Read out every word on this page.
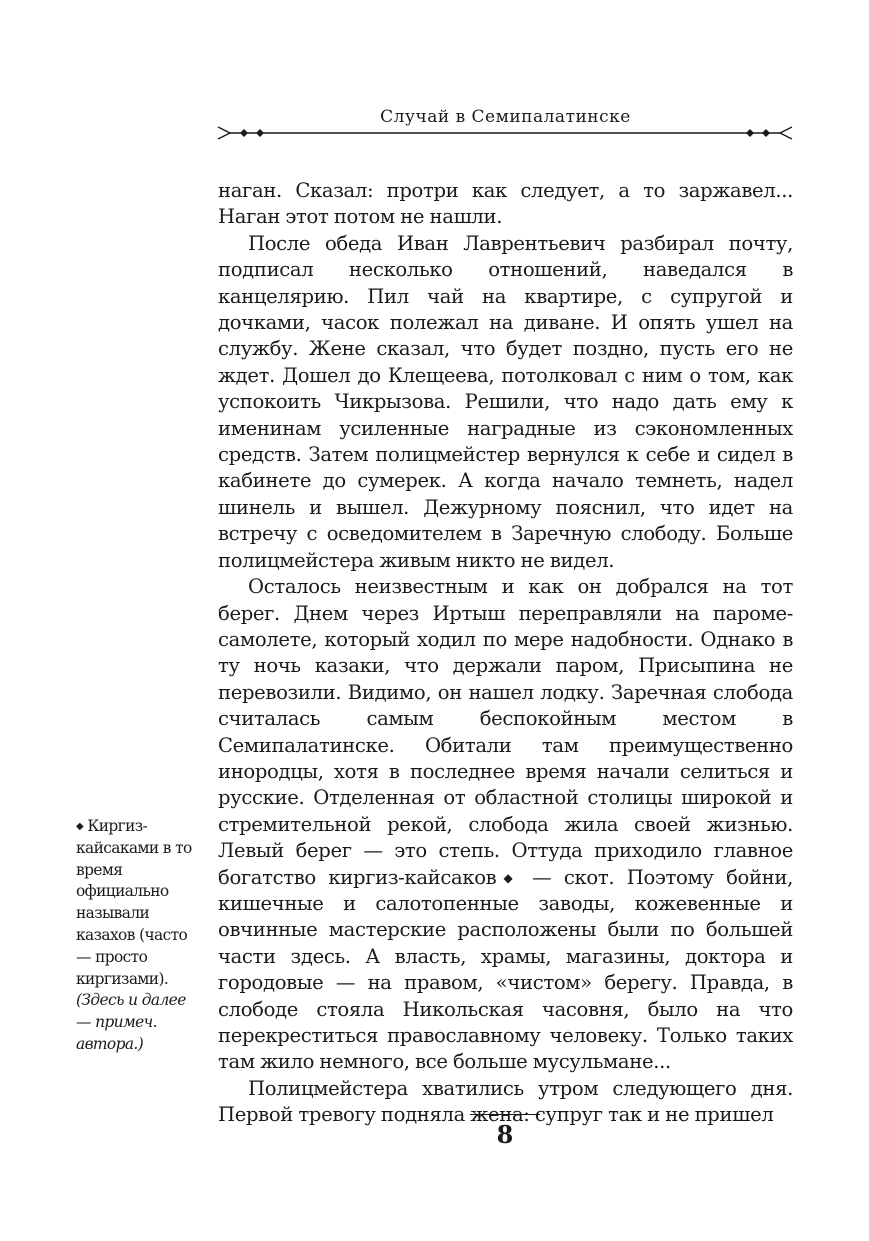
Случай в Семипалатинске

наган. Сказал: протри как следует, а то заржавел... Наган этот потом не нашли.

После обеда Иван Лаврентьевич разбирал почту, подписал несколько отношений, наведался в канцелярию. Пил чай на квартире, с супругой и дочками, часок полежал на диване. И опять ушел на службу. Жене сказал, что будет поздно, пусть его не ждет. Дошел до Клещеева, потолковал с ним о том, как успокоить Чикрызова. Решили, что надо дать ему к именинам усиленные наградные из сэкономленных средств. Затем полицмейстер вернулся к себе и сидел в кабинете до сумерек. А когда начало темнеть, надел шинель и вышел. Дежурному пояснил, что идет на встречу с осведомителем в Заречную слободу. Больше полицмейстера живым никто не видел.

Осталось неизвестным и как он добрался на тот берег. Днем через Иртыш переправляли на пароме-самолете, который ходил по мере надобности. Однако в ту ночь казаки, что держали паром, Присыпина не перевозили. Видимо, он нашел лодку. Заречная слобода считалась самым беспокойным местом в Семипалатинске. Обитали там преимущественно инородцы, хотя в последнее время начали селиться и русские. Отделенная от областной столицы широкой и стремительной рекой, слобода жила своей жизнью. Левый берег — это степь. Оттуда приходило главное богатство киргиз-кайсаков◆ — скот. Поэтому бойни, кишечные и салотопенные заводы, кожевенные и овчинные мастерские расположены были по большей части здесь. А власть, храмы, магазины, доктора и городовые — на правом, «чистом» берегу. Правда, в слободе стояла Никольская часовня, было на что перекреститься православному человеку. Только таких там жило немного, все больше мусульмане...

Полицмейстера хватились утром следующего дня. Первой тревогу подняла жена: супруг так и не пришел

◆ Киргиз-кайсаками в то время официально называли казахов (часто — просто киргизами). (Здесь и далее — примеч. автора.)
8
